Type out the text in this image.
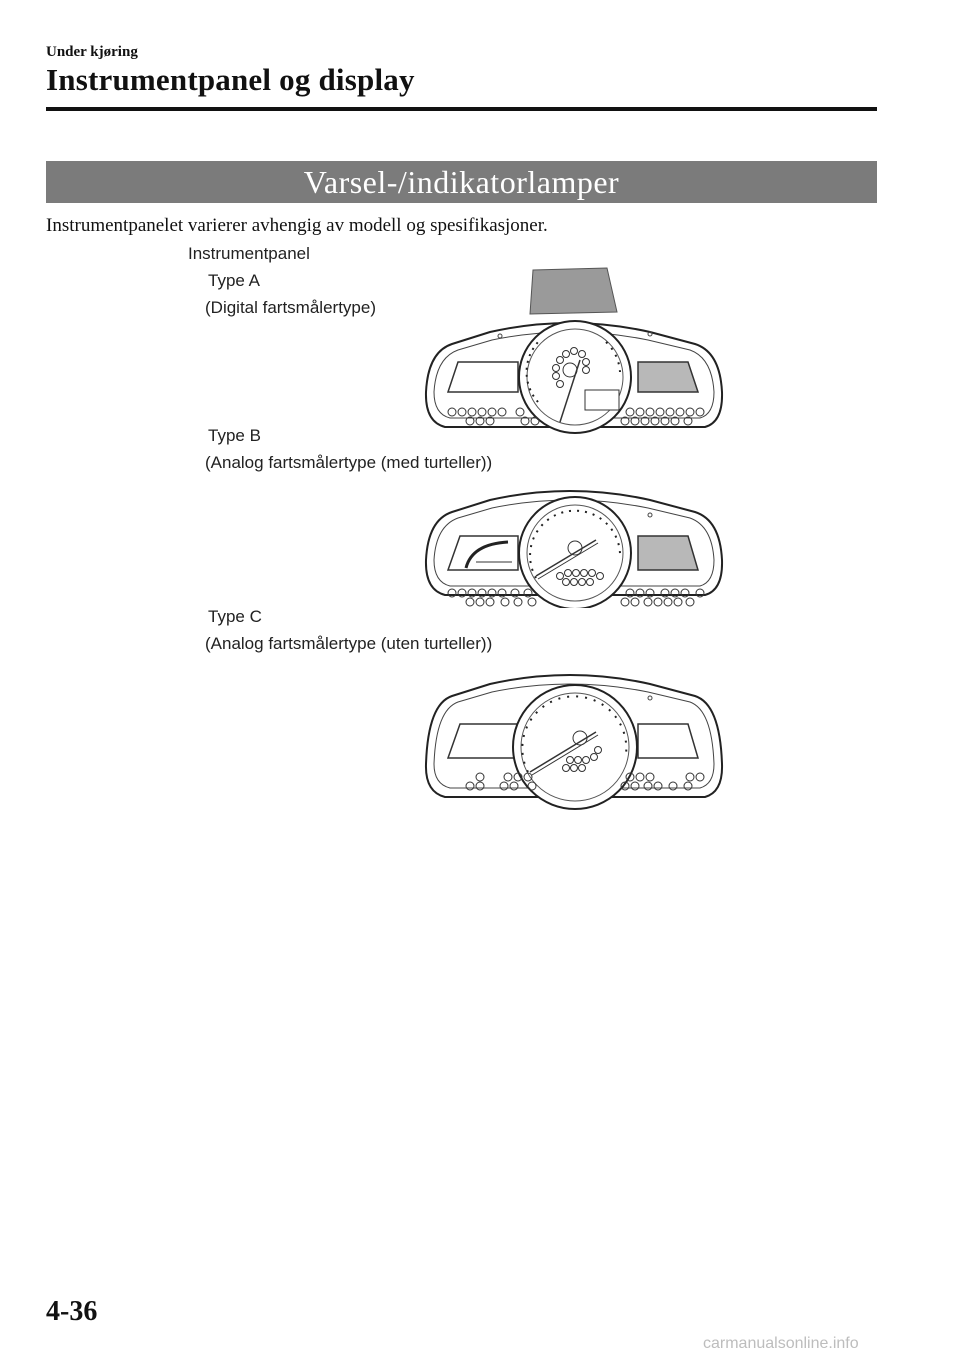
Under kjøring
Instrumentpanel og display
Varsel-/indikatorlamper
Instrumentpanelet varierer avhengig av modell og spesifikasjoner.
Instrumentpanel
Type A
(Digital fartsmålertype)
Type B
(Analog fartsmålertype (med turteller))
Type C
(Analog fartsmålertype (uten turteller))
4-36
carmanualsonline.info
